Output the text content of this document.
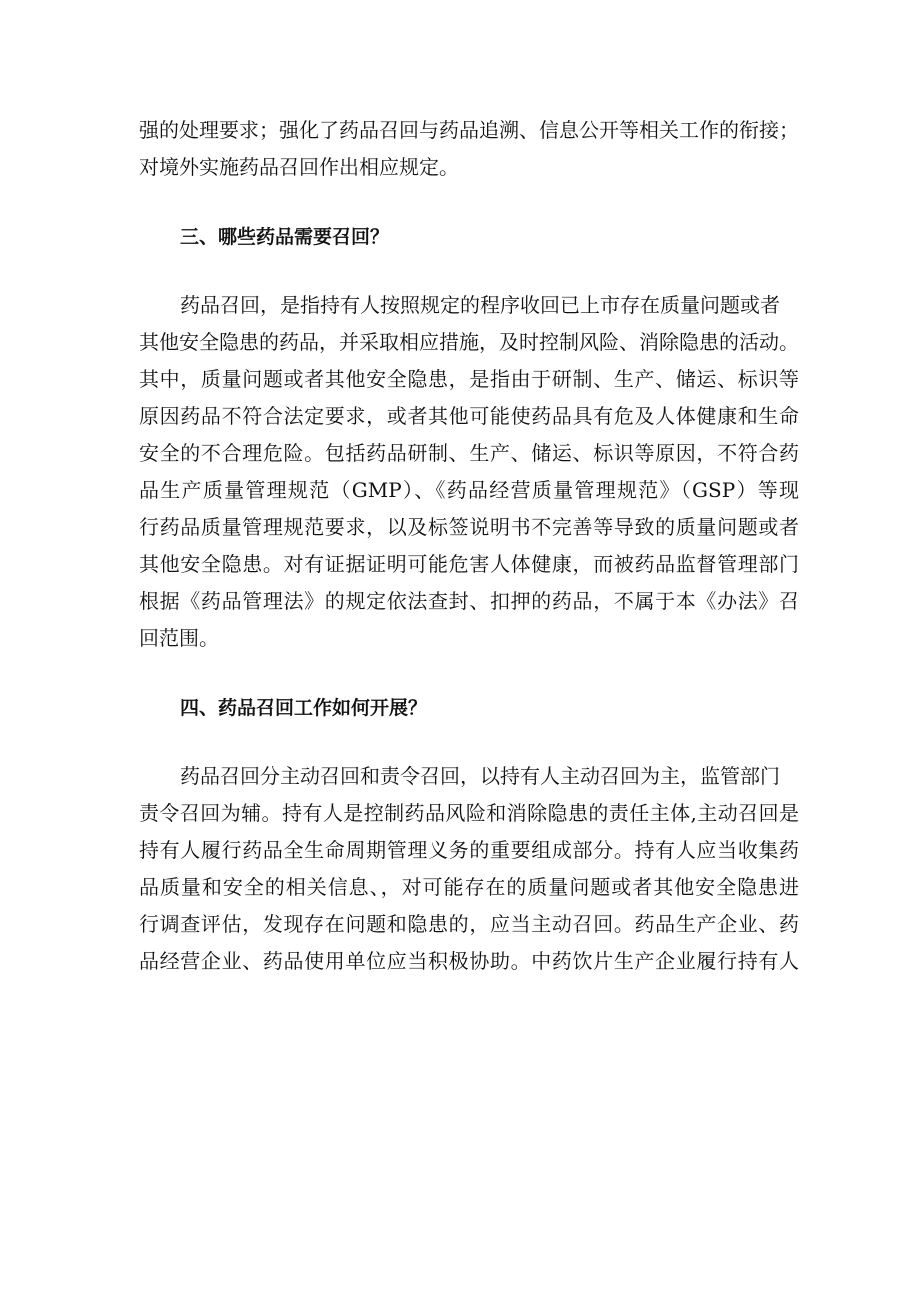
强的处理要求；强化了药品召回与药品追溯、信息公开等相关工作的衔接；
对境外实施药品召回作出相应规定。
三、哪些药品需要召回？
药品召回，是指持有人按照规定的程序收回已上市存在质量问题或者
其他安全隐患的药品，并采取相应措施，及时控制风险、消除隐患的活动。
其中，质量问题或者其他安全隐患，是指由于研制、生产、储运、标识等
原因药品不符合法定要求，或者其他可能使药品具有危及人体健康和生命
安全的不合理危险。包括药品研制、生产、储运、标识等原因，不符合药
品生产质量管理规范（GMP）、《药品经营质量管理规范》（GSP）等现
行药品质量管理规范要求，以及标签说明书不完善等导致的质量问题或者
其他安全隐患。对有证据证明可能危害人体健康，而被药品监督管理部门
根据《药品管理法》的规定依法查封、扣押的药品，不属于本《办法》召
回范围。
四、药品召回工作如何开展？
药品召回分主动召回和责令召回，以持有人主动召回为主，监管部门
责令召回为辅。持有人是控制药品风险和消除隐患的责任主体,主动召回是
持有人履行药品全生命周期管理义务的重要组成部分。持有人应当收集药
品质量和安全的相关信息、，对可能存在的质量问题或者其他安全隐患进
行调查评估，发现存在问题和隐患的，应当主动召回。药品生产企业、药
品经营企业、药品使用单位应当积极协助。中药饮片生产企业履行持有人
